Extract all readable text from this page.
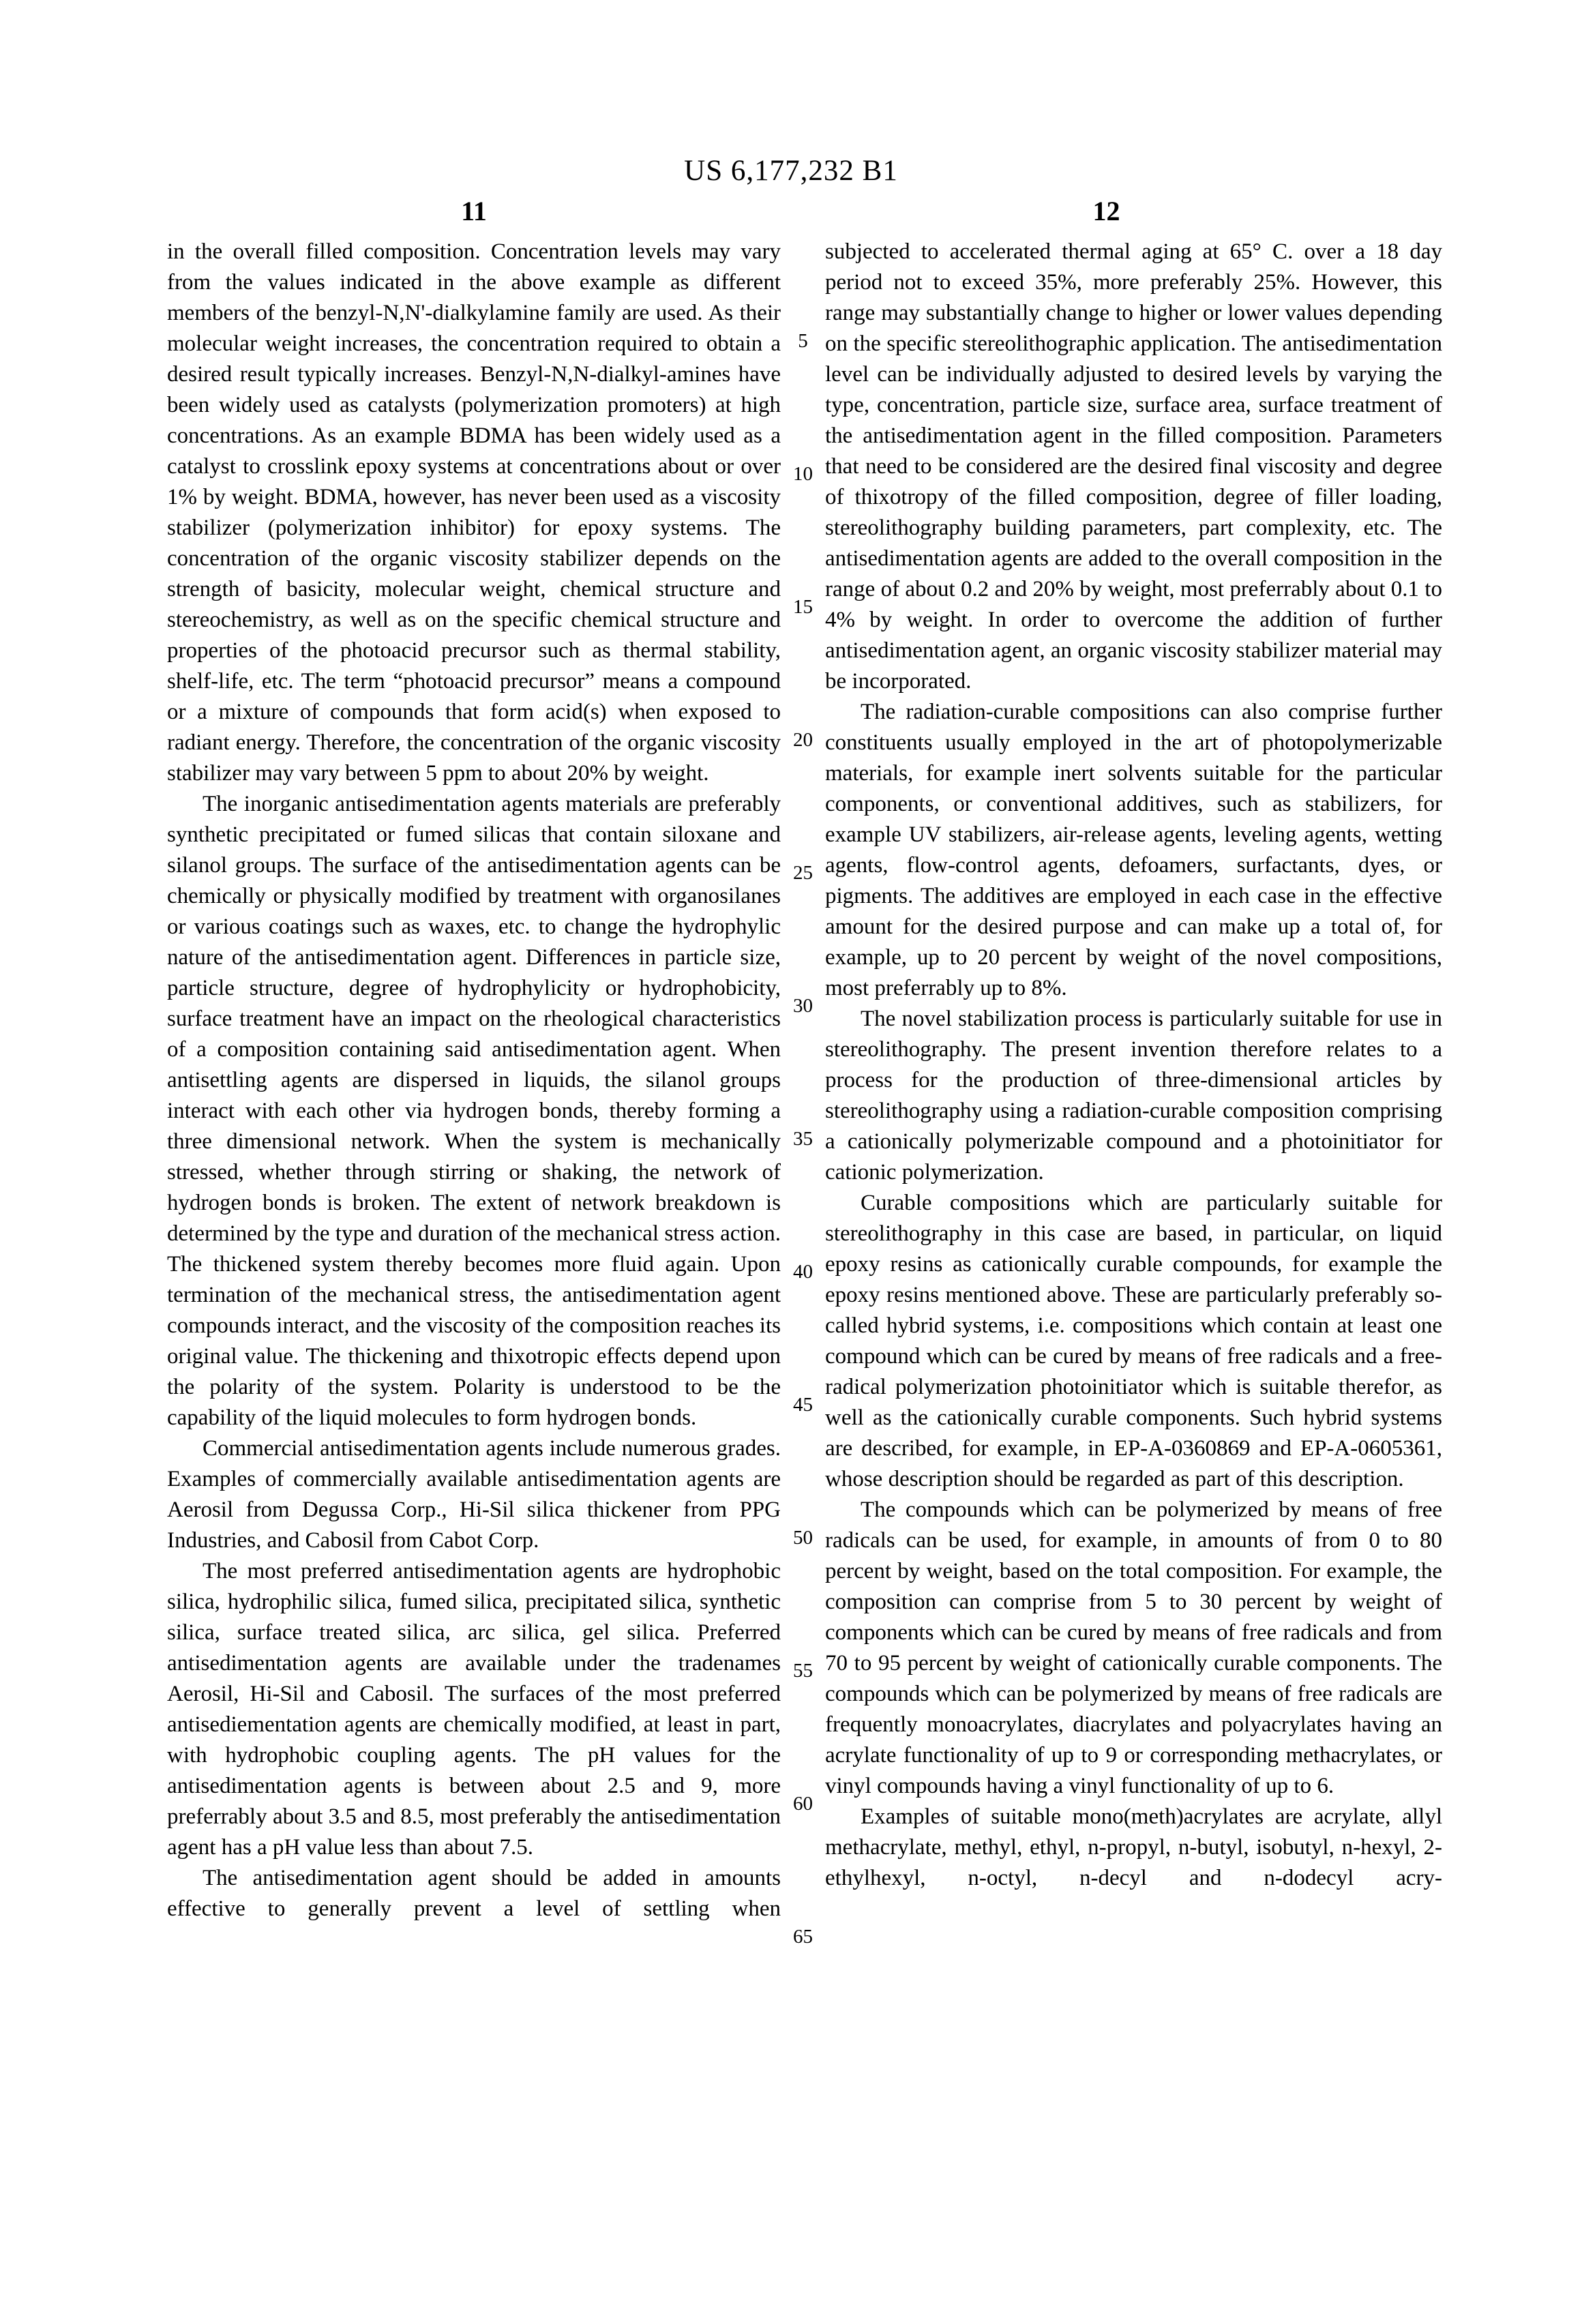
US 6,177,232 B1
11	12
5
10
15
20
25
30
35
40
45
50
55
60
65

in the overall filled composition. Concentration levels may vary from the values indicated in the above example as different members of the benzyl-N,N'-dialkylamine family are used. As their molecular weight increases, the concentration required to obtain a desired result typically increases. Benzyl-N,N-dialkyl-amines have been widely used as catalysts (polymerization promoters) at high concentrations. As an example BDMA has been widely used as a catalyst to crosslink epoxy systems at concentrations about or over 1% by weight. BDMA, however, has never been used as a viscosity stabilizer (polymerization inhibitor) for epoxy systems. The concentration of the organic viscosity stabilizer depends on the strength of basicity, molecular weight, chemical structure and stereochemistry, as well as on the specific chemical structure and properties of the photoacid precursor such as thermal stability, shelf-life, etc. The term “photoacid precursor” means a compound or a mixture of compounds that form acid(s) when exposed to radiant energy. Therefore, the concentration of the organic viscosity stabilizer may vary between 5 ppm to about 20% by weight.

The inorganic antisedimentation agents materials are preferably synthetic precipitated or fumed silicas that contain siloxane and silanol groups. The surface of the antisedimentation agents can be chemically or physically modified by treatment with organosilanes or various coatings such as waxes, etc. to change the hydrophylic nature of the antisedimentation agent. Differences in particle size, particle structure, degree of hydrophylicity or hydrophobicity, surface treatment have an impact on the rheological characteristics of a composition containing said antisedimentation agent. When antisettling agents are dispersed in liquids, the silanol groups interact with each other via hydrogen bonds, thereby forming a three dimensional network. When the system is mechanically stressed, whether through stirring or shaking, the network of hydrogen bonds is broken. The extent of network breakdown is determined by the type and duration of the mechanical stress action. The thickened system thereby becomes more fluid again. Upon termination of the mechanical stress, the antisedimentation agent compounds interact, and the viscosity of the composition reaches its original value. The thickening and thixotropic effects depend upon the polarity of the system. Polarity is understood to be the capability of the liquid molecules to form hydrogen bonds.

Commercial antisedimentation agents include numerous grades. Examples of commercially available antisedimentation agents are Aerosil from Degussa Corp., Hi-Sil silica thickener from PPG Industries, and Cabosil from Cabot Corp.

The most preferred antisedimentation agents are hydrophobic silica, hydrophilic silica, fumed silica, precipitated silica, synthetic silica, surface treated silica, arc silica, gel silica. Preferred antisedimentation agents are available under the tradenames Aerosil, Hi-Sil and Cabosil. The surfaces of the most preferred antisediementation agents are chemically modified, at least in part, with hydrophobic coupling agents. The pH values for the antisedimentation agents is between about 2.5 and 9, more preferrably about 3.5 and 8.5, most preferably the antisedimentation agent has a pH value less than about 7.5.

The antisedimentation agent should be added in amounts effective to generally prevent a level of settling when

subjected to accelerated thermal aging at 65° C. over a 18 day period not to exceed 35%, more preferably 25%. However, this range may substantially change to higher or lower values depending on the specific stereolithographic application. The antisedimentation level can be individually adjusted to desired levels by varying the type, concentration, particle size, surface area, surface treatment of the antisedimentation agent in the filled composition. Parameters that need to be considered are the desired final viscosity and degree of thixotropy of the filled composition, degree of filler loading, stereolithography building parameters, part complexity, etc. The antisedimentation agents are added to the overall composition in the range of about 0.2 and 20% by weight, most preferrably about 0.1 to 4% by weight. In order to overcome the addition of further antisedimentation agent, an organic viscosity stabilizer material may be incorporated.

The radiation-curable compositions can also comprise further constituents usually employed in the art of photopolymerizable materials, for example inert solvents suitable for the particular components, or conventional additives, such as stabilizers, for example UV stabilizers, air-release agents, leveling agents, wetting agents, flow-control agents, defoamers, surfactants, dyes, or pigments. The additives are employed in each case in the effective amount for the desired purpose and can make up a total of, for example, up to 20 percent by weight of the novel compositions, most preferrably up to 8%.

The novel stabilization process is particularly suitable for use in stereolithography. The present invention therefore relates to a process for the production of three-dimensional articles by stereolithography using a radiation-curable composition comprising a cationically polymerizable compound and a photoinitiator for cationic polymerization.

Curable compositions which are particularly suitable for stereolithography in this case are based, in particular, on liquid epoxy resins as cationically curable compounds, for example the epoxy resins mentioned above. These are particularly preferably so-called hybrid systems, i.e. compositions which contain at least one compound which can be cured by means of free radicals and a free-radical polymerization photoinitiator which is suitable therefor, as well as the cationically curable components. Such hybrid systems are described, for example, in EP-A-0360869 and EP-A-0605361, whose description should be regarded as part of this description.

The compounds which can be polymerized by means of free radicals can be used, for example, in amounts of from 0 to 80 percent by weight, based on the total composition. For example, the composition can comprise from 5 to 30 percent by weight of components which can be cured by means of free radicals and from 70 to 95 percent by weight of cationically curable components. The compounds which can be polymerized by means of free radicals are frequently monoacrylates, diacrylates and polyacrylates having an acrylate functionality of up to 9 or corresponding methacrylates, or vinyl compounds having a vinyl functionality of up to 6.

Examples of suitable mono(meth)acrylates are acrylate, allyl methacrylate, methyl, ethyl, n-propyl, n-butyl, isobutyl, n-hexyl, 2-ethylhexyl, n-octyl, n-decyl and n-dodecyl acry-
